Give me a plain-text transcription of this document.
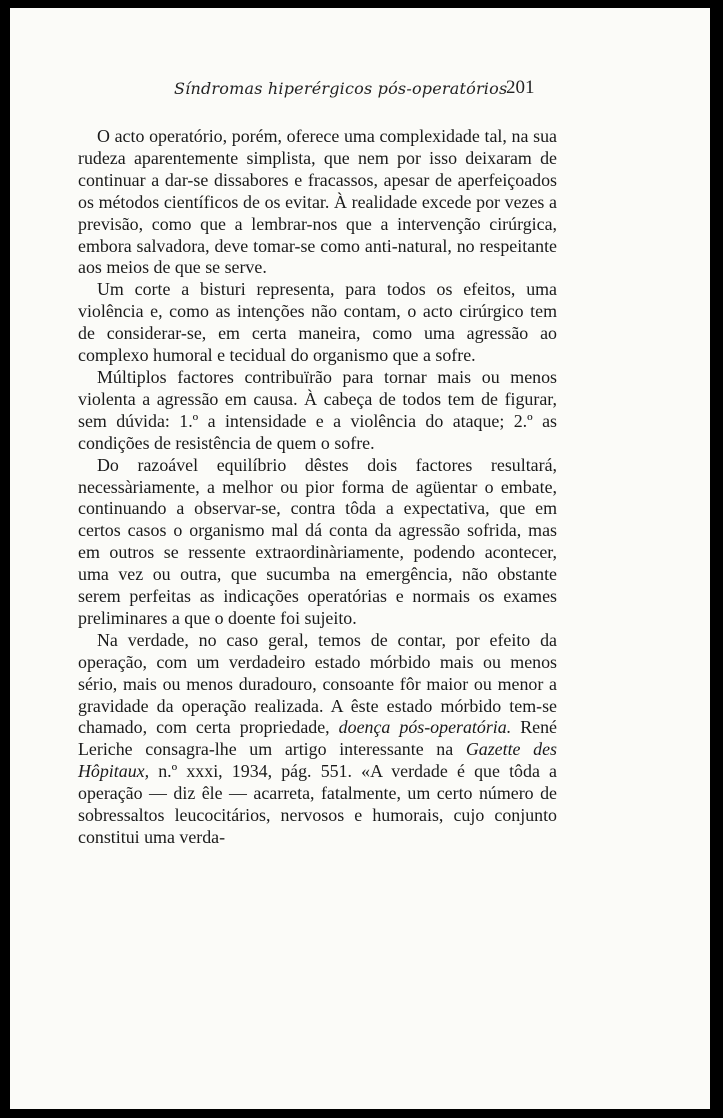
Síndromas hiperérgicos pós-operatórios
201

O acto operatório, porém, oferece uma complexidade tal, na sua rudeza aparentemente simplista, que nem por isso deixaram de continuar a dar-se dissabores e fracassos, apesar de aperfeiçoados os métodos científicos de os evitar. À realidade excede por vezes a previsão, como que a lembrar-nos que a intervenção cirúrgica, embora salvadora, deve tomar-se como anti-natural, no respeitante aos meios de que se serve.

Um corte a bisturi representa, para todos os efeitos, uma violência e, como as intenções não contam, o acto cirúrgico tem de considerar-se, em certa maneira, como uma agressão ao complexo humoral e tecidual do organismo que a sofre.

Múltiplos factores contribuïrão para tornar mais ou menos violenta a agressão em causa. À cabeça de todos tem de figurar, sem dúvida: 1.º a intensidade e a violência do ataque; 2.º as condições de resistência de quem o sofre.

Do razoável equilíbrio dêstes dois factores resultará, necessàriamente, a melhor ou pior forma de agüentar o embate, continuando a observar-se, contra tôda a expectativa, que em certos casos o organismo mal dá conta da agressão sofrida, mas em outros se ressente extraordinàriamente, podendo acontecer, uma vez ou outra, que sucumba na emergência, não obstante serem perfeitas as indicações operatórias e normais os exames preliminares a que o doente foi sujeito.

Na verdade, no caso geral, temos de contar, por efeito da operação, com um verdadeiro estado mórbido mais ou menos sério, mais ou menos duradouro, consoante fôr maior ou menor a gravidade da operação realizada. A êste estado mórbido tem-se chamado, com certa propriedade, doença pós-operatória. René Leriche consagra-lhe um artigo interessante na Gazette des Hôpitaux, n.º xxxi, 1934, pág. 551. «A verdade é que tôda a operação — diz êle — acarreta, fatalmente, um certo número de sobressaltos leucocitários, nervosos e humorais, cujo conjunto constitui uma verda-
